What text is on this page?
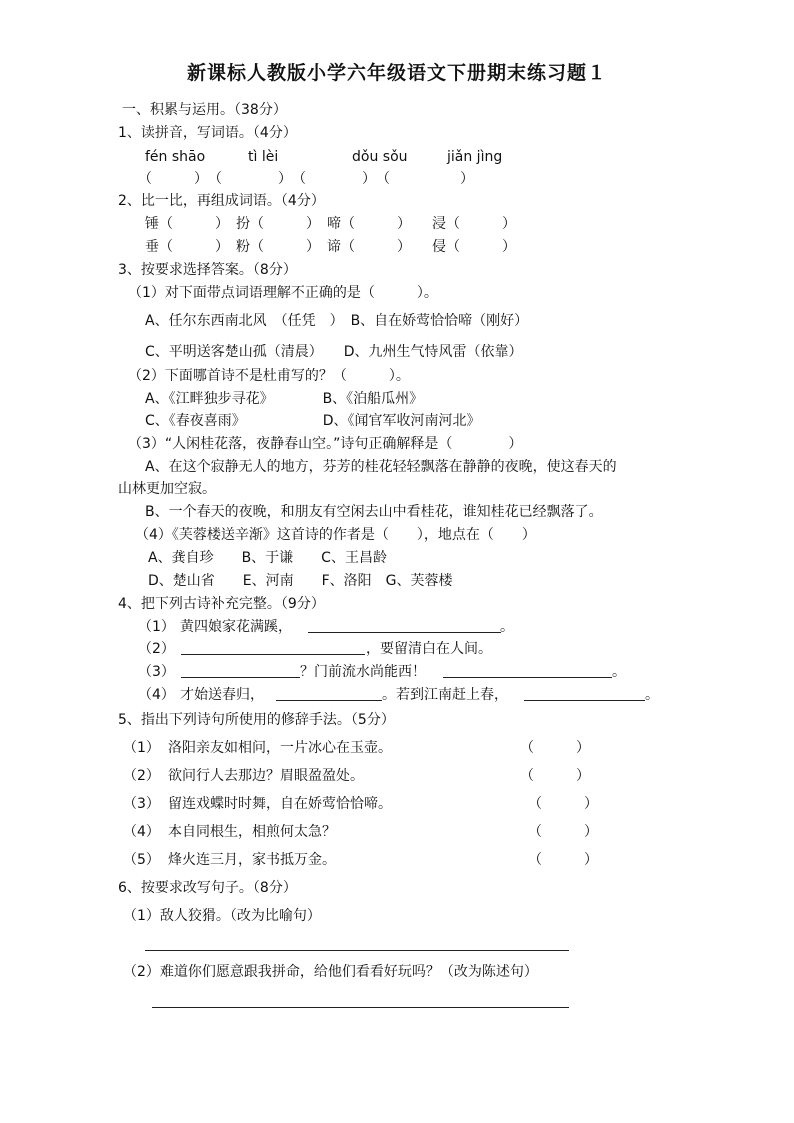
新课标人教版小学六年级语文下册期末练习题１
一、积累与运用。（38分）
1、读拼音，写词语。（4分）
fén shāo	tì lèi	dǒu sǒu	jiǎn jìng
（　　　）　（　　　　）　（　　　　）　（　　　　　）
2、比一比，再组成词语。（4分）
锤（　　　）　扮（　　　）　啼（　　　）　　浸（　　　）
垂（　　　）　粉（　　　）　谛（　　　）　　侵（　　　）
3、按要求选择答案。（8分）
（1）对下面带点词语理解不正确的是（　　　）。
A、任尔东西南北风　（任凭　）　B、自在娇莺恰恰啼（刚好）
C、平明送客楚山孤（清晨）　　D、九州生气恃风雷（依靠）
（2）下面哪首诗不是杜甫写的？（　　　）。
A、《江畔独步寻花》　　　　B、《泊船瓜州》
C、《春夜喜雨》　　　　　　D、《闻官军收河南河北》
（3）“人闲桂花落，夜静春山空。”诗句正确解释是（　　　　）
A、在这个寂静无人的地方，芬芳的桂花轻轻飘落在静静的夜晚，使这春天的
山林更加空寂。
B、一个春天的夜晚，和朋友有空闲去山中看桂花，谁知桂花已经飘落了。
（4）《芙蓉楼送辛渐》这首诗的作者是（　　），地点在（　　）
A、龚自珍　　B、于谦　　C、王昌龄
D、楚山省　　E、河南　　F、洛阳　G、芙蓉楼
4、把下列古诗补充完整。（9分）
（1） 黄四娘家花满蹊，	。
（2）	，要留清白在人间。
（3）	？门前流水尚能西！	。
（4） 才始送春归，	。若到江南赶上春，	。
5、指出下列诗句所使用的修辞手法。（5分）
（1） 洛阳亲友如相问，一片冰心在玉壶。	（　　　）
（2） 欲问行人去那边？眉眼盈盈处。	（　　　）
（3） 留连戏蝶时时舞，自在娇莺恰恰啼。	（　　　）
（4） 本自同根生，相煎何太急？	（　　　）
（5） 烽火连三月，家书抵万金。	（　　　）
6、按要求改写句子。（8分）
（1）敌人狡猾。（改为比喻句）
（2）难道你们愿意跟我拼命，给他们看看好玩吗？（改为陈述句）
